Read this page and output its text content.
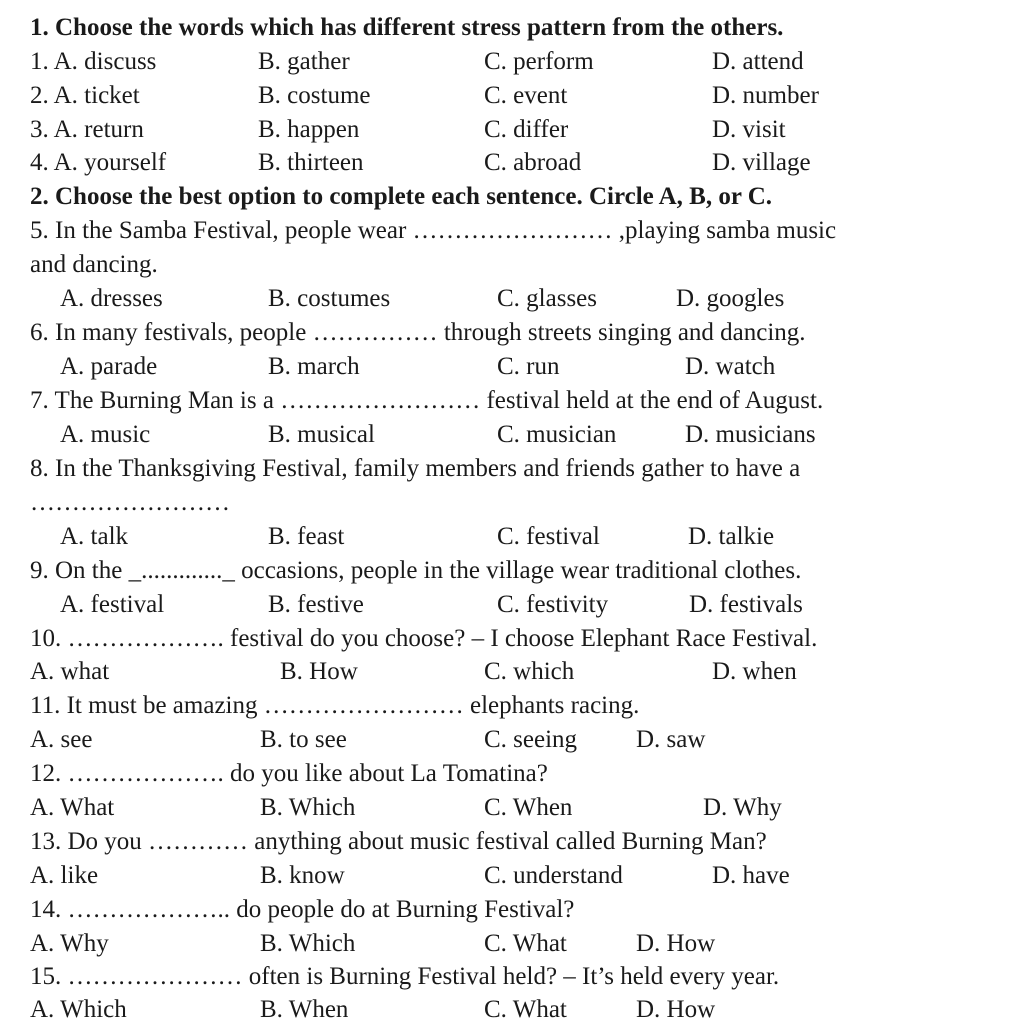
1. Choose the words which has different stress pattern from the others.
1. A. discuss	B. gather	C. perform	D. attend
2. A. ticket	B. costume	C. event	D. number
3. A. return	B. happen	C. differ	D. visit
4. A. yourself	B. thirteen	C. abroad	D. village
2. Choose the best option to complete each sentence. Circle A, B, or C.
5. In the Samba Festival, people wear …………………… ,playing samba music
and dancing.
A. dresses	B. costumes	C. glasses	D. googles
6. In many festivals, people …………… through streets singing and dancing.
A. parade	B. march	C. run	D. watch
7. The Burning Man is a …………………… festival held at the end of August.
A. music	B. musical	C. musician	D. musicians
8. In the Thanksgiving Festival, family members and friends gather to have a
……………………
A. talk	B. feast	C. festival	D. talkie
9. On the _............._ occasions, people in the village wear traditional clothes.
A. festival	B. festive	C. festivity	D. festivals
10. ………………. festival do you choose? – I choose Elephant Race Festival.
A. what	B. How	C. which	D. when
11. It must be amazing …………………… elephants racing.
A. see	B. to see	C. seeing D. saw
12. ………………. do you like about La Tomatina?
A. What	B. Which	C. When	D. Why
13. Do you ………… anything about music festival called Burning Man?
A. like	B. know	C. understand	D. have
14. ……………….. do people do at Burning Festival?
A. Why	B. Which	C. What	D. How
15. ………………… often is Burning Festival held? – It’s held every year.
A. Which	B. When	C. What	D. How
